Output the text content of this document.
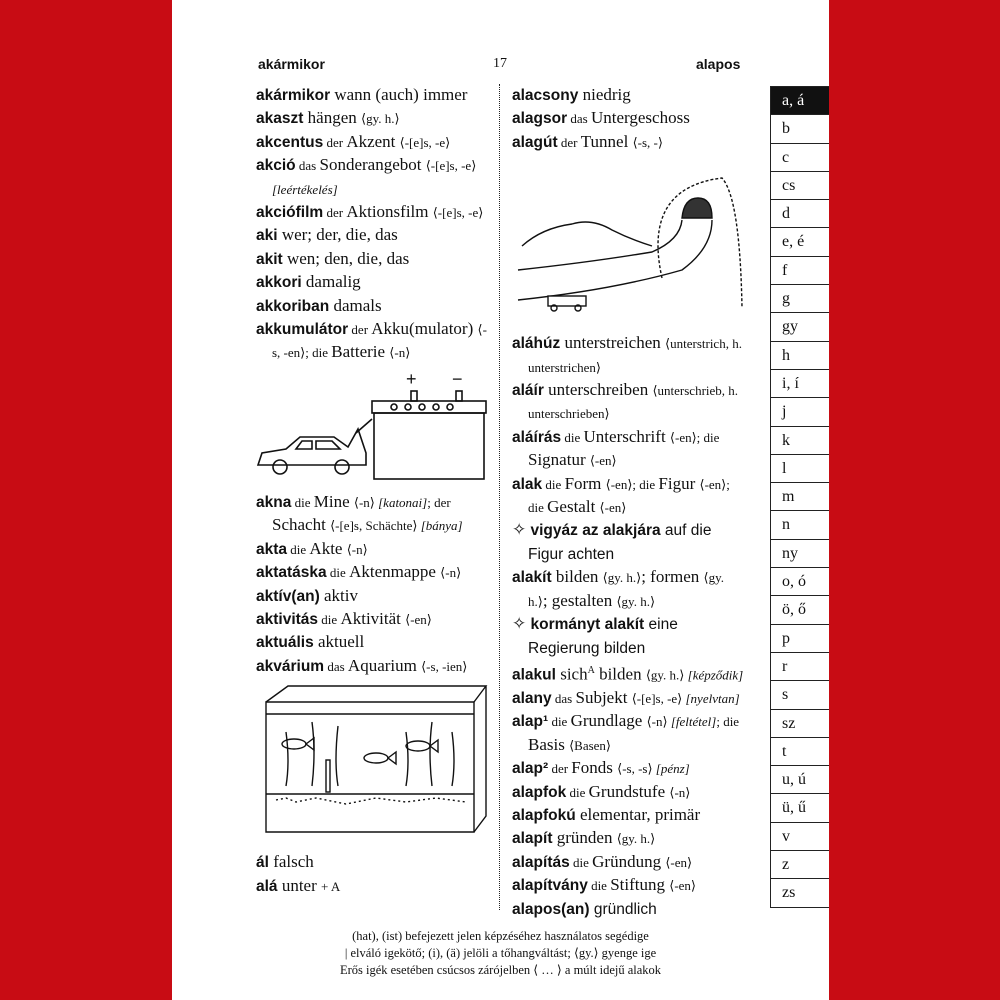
akármikor	17	alapos

akármikor wann (auch) immer

akaszt hängen ⟨gy. h.⟩

akcentus der Akzent ⟨-[e]s, -e⟩

akció das Sonderangebot ⟨-[e]s, -e⟩ [leértékelés]

akciófilm der Aktionsfilm ⟨-[e]s, -e⟩

aki wer; der, die, das

akit wen; den, die, das

akkori damalig

akkoriban damals

akkumulátor der Akku(mulator) ⟨-s, -en⟩; die Batterie ⟨-n⟩

+ −

akna die Mine ⟨-n⟩ [katonai]; der Schacht ⟨-[e]s, Schächte⟩ [bánya]

akta die Akte ⟨-n⟩

aktatáska die Aktenmappe ⟨-n⟩

aktív(an) aktiv

aktivitás die Aktivität ⟨-en⟩

aktuális aktuell

akvárium das Aquarium ⟨-s, -ien⟩

ál falsch

alá unter + A

alacsony niedrig

alagsor das Untergeschoss

alagút der Tunnel ⟨-s, -⟩

aláhúz unterstreichen ⟨unterstrich, h. unterstrichen⟩

aláír unterschreiben ⟨unterschrieb, h. unterschrieben⟩

aláírás die Unterschrift ⟨-en⟩; die Signatur ⟨-en⟩

alak die Form ⟨-en⟩; die Figur ⟨-en⟩; die Gestalt ⟨-en⟩

✧ vigyáz az alakjára auf die Figur achten

alakít bilden ⟨gy. h.⟩; formen ⟨gy. h.⟩; gestalten ⟨gy. h.⟩

✧ kormányt alakít eine Regierung bilden

alakul sich$^A$ bilden ⟨gy. h.⟩ [képződik]

alany das Subjekt ⟨-[e]s, -e⟩ [nyelvtan]

alap¹ die Grundlage ⟨-n⟩ [feltétel]; die Basis ⟨Basen⟩

alap² der Fonds ⟨-s, -s⟩ [pénz]

alapfok die Grundstufe ⟨-n⟩

alapfokú elementar, primär

alapít gründen ⟨gy. h.⟩

alapítás die Gründung ⟨-en⟩

alapítvány die Stiftung ⟨-en⟩

alapos(an) gründlich

a, á
b
c
cs
d
e, é
f
g
gy
h
i, í
j
k
l
m
n
ny
o, ó
ö, ő
p
r
s
sz
t
u, ú
ü, ű
v
z
zs
(hat), (ist) befejezett jelen képzéséhez használatos segédige
| elváló igekötő; (i), (ä) jelöli a tőhangváltást; ⟨gy.⟩ gyenge ige
Erős igék esetében csúcsos zárójelben ⟨ … ⟩ a múlt idejű alakok
